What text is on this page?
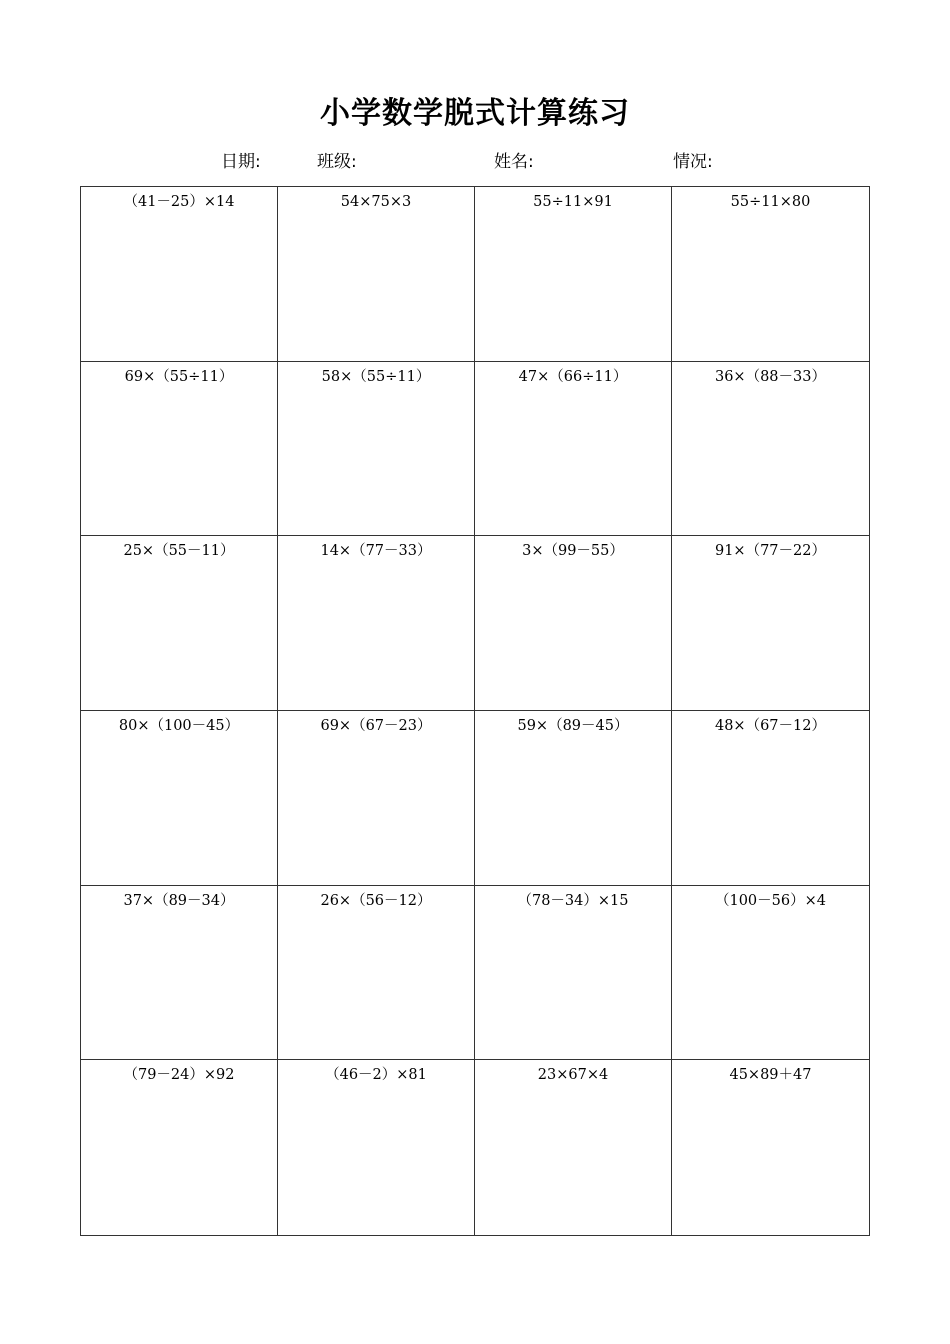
小学数学脱式计算练习
日期:	班级:	姓名:	情况:
（41－25）×14	54×75×3	55÷11×91	55÷11×80
69×（55÷11）	58×（55÷11）	47×（66÷11）	36×（88－33）
25×（55－11）	14×（77－33）	3×（99－55）	91×（77－22）
80×（100－45）	69×（67－23）	59×（89－45）	48×（67－12）
37×（89－34）	26×（56－12）	（78－34）×15	（100－56）×4
（79－24）×92	（46－2）×81	23×67×4	45×89＋47
